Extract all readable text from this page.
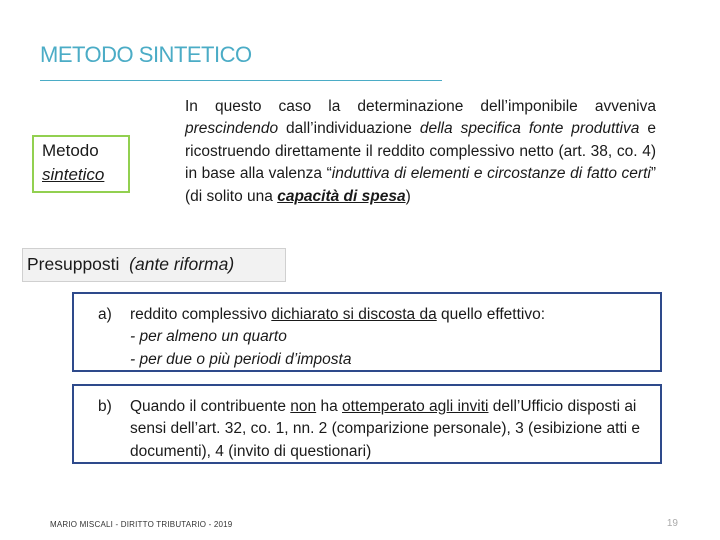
METODO SINTETICO
In questo caso la determinazione dell’imponibile avveniva prescindendo dall’individuazione della specifica fonte produttiva e ricostruendo direttamente il reddito complessivo netto (art. 38, co. 4) in base alla valenza “induttiva di elementi e circostanze di fatto certi” (di solito una capacità di spesa)
Metodo
sintetico
Presupposti (ante riforma)
a) reddito complessivo dichiarato si discosta da quello effettivo:
- per almeno un quarto
- per due o più periodi d’imposta
b) Quando il contribuente non ha ottemperato agli inviti dell’Ufficio disposti ai sensi dell’art. 32, co. 1, nn. 2 (comparizione personale), 3 (esibizione atti e documenti), 4 (invito di questionari)
MARIO MISCALI - DIRITTO TRIBUTARIO - 2019	19
